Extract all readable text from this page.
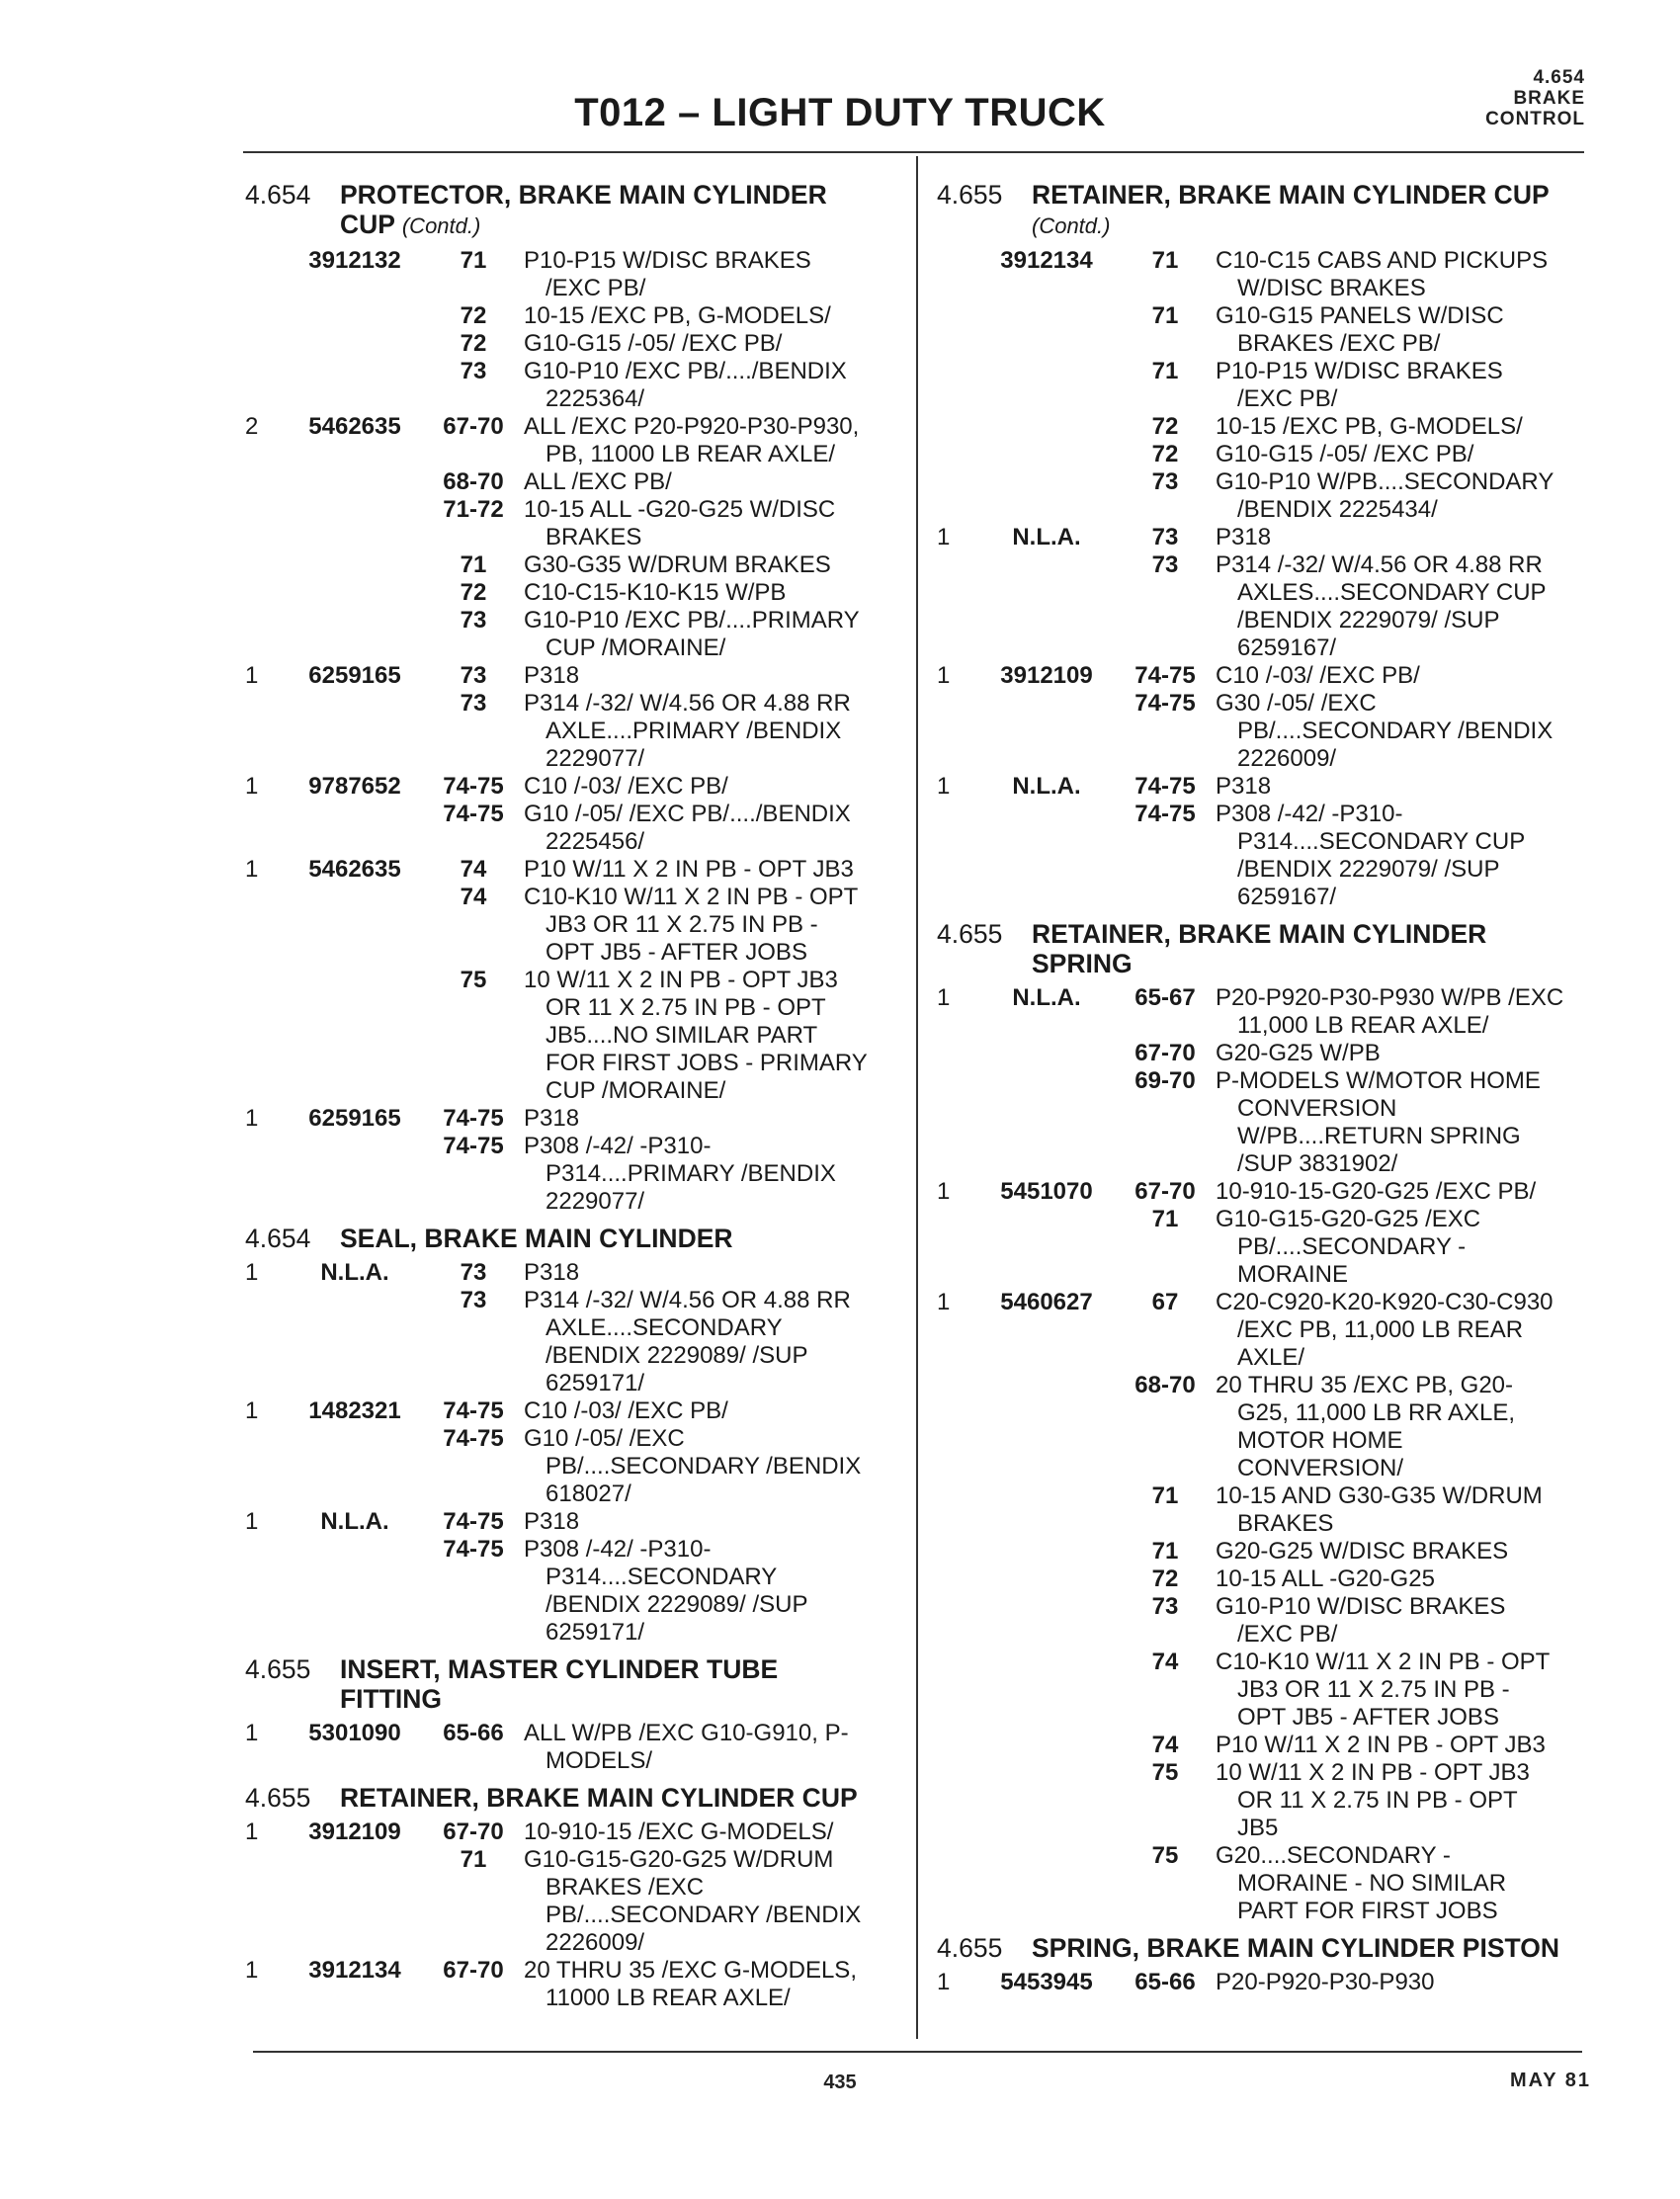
T012 – LIGHT DUTY TRUCK
4.654
BRAKE
CONTROL
4.654 PROTECTOR, BRAKE MAIN CYLINDER
CUP (Contd.)
3912132	71	P10-P15 W/DISC BRAKES
/EXC PB/
72	10-15 /EXC PB, G-MODELS/
72	G10-G15 /-05/ /EXC PB/
73	G10-P10 /EXC PB/..../BENDIX
2225364/
2	5462635	67-70 ALL /EXC P20-P920-P30-P930,
PB, 11000 LB REAR AXLE/
68-70 ALL /EXC PB/
71-72 10-15 ALL -G20-G25 W/DISC
BRAKES
71	G30-G35 W/DRUM BRAKES
72	C10-C15-K10-K15 W/PB
73	G10-P10 /EXC PB/....PRIMARY
CUP /MORAINE/
1	6259165	73	P318
73	P314 /-32/ W/4.56 OR 4.88 RR
AXLE....PRIMARY /BENDIX
2229077/
1	9787652	74-75 C10 /-03/ /EXC PB/
74-75 G10 /-05/ /EXC PB/..../BENDIX
2225456/
1	5462635	74	P10 W/11 X 2 IN PB - OPT JB3
74	C10-K10 W/11 X 2 IN PB - OPT
JB3 OR 11 X 2.75 IN PB -
OPT JB5 - AFTER JOBS
75	10 W/11 X 2 IN PB - OPT JB3
OR 11 X 2.75 IN PB - OPT
JB5....NO SIMILAR PART
FOR FIRST JOBS - PRIMARY
CUP /MORAINE/
1	6259165	74-75 P318
74-75 P308 /-42/ -P310-
P314....PRIMARY /BENDIX
2229077/
4.654 SEAL, BRAKE MAIN CYLINDER
1	N.L.A.	73	P318
73	P314 /-32/ W/4.56 OR 4.88 RR
AXLE....SECONDARY
/BENDIX 2229089/ /SUP
6259171/
1	1482321	74-75 C10 /-03/ /EXC PB/
74-75 G10 /-05/ /EXC
PB/....SECONDARY /BENDIX
618027/
1	N.L.A.	74-75 P318
74-75 P308 /-42/ -P310-
P314....SECONDARY
/BENDIX 2229089/ /SUP
6259171/
4.655 INSERT, MASTER CYLINDER TUBE
FITTING
1	5301090	65-66 ALL W/PB /EXC G10-G910, P-
MODELS/
4.655 RETAINER, BRAKE MAIN CYLINDER CUP
1	3912109	67-70 10-910-15 /EXC G-MODELS/
71	G10-G15-G20-G25 W/DRUM
BRAKES /EXC
PB/....SECONDARY /BENDIX
2226009/
1	3912134	67-70 20 THRU 35 /EXC G-MODELS,
11000 LB REAR AXLE/
4.655 RETAINER, BRAKE MAIN CYLINDER CUP
(Contd.)
3912134	71	C10-C15 CABS AND PICKUPS
W/DISC BRAKES
71	G10-G15 PANELS W/DISC
BRAKES /EXC PB/
71	P10-P15 W/DISC BRAKES
/EXC PB/
72	10-15 /EXC PB, G-MODELS/
72	G10-G15 /-05/ /EXC PB/
73	G10-P10 W/PB....SECONDARY
/BENDIX 2225434/
1	N.L.A.	73	P318
73	P314 /-32/ W/4.56 OR 4.88 RR
AXLES....SECONDARY CUP
/BENDIX 2229079/ /SUP
6259167/
1	3912109	74-75 C10 /-03/ /EXC PB/
74-75 G30 /-05/ /EXC
PB/....SECONDARY /BENDIX
2226009/
1	N.L.A.	74-75 P318
74-75 P308 /-42/ -P310-
P314....SECONDARY CUP
/BENDIX 2229079/ /SUP
6259167/
4.655 RETAINER, BRAKE MAIN CYLINDER
SPRING
1	N.L.A.	65-67 P20-P920-P30-P930 W/PB /EXC
11,000 LB REAR AXLE/
67-70 G20-G25 W/PB
69-70 P-MODELS W/MOTOR HOME
CONVERSION
W/PB....RETURN SPRING
/SUP 3831902/
1	5451070	67-70 10-910-15-G20-G25 /EXC PB/
71	G10-G15-G20-G25 /EXC
PB/....SECONDARY -
MORAINE
1	5460627	67	C20-C920-K20-K920-C30-C930
/EXC PB, 11,000 LB REAR
AXLE/
68-70 20 THRU 35 /EXC PB, G20-
G25, 11,000 LB RR AXLE,
MOTOR HOME
CONVERSION/
71	10-15 AND G30-G35 W/DRUM
BRAKES
71	G20-G25 W/DISC BRAKES
72	10-15 ALL -G20-G25
73	G10-P10 W/DISC BRAKES
/EXC PB/
74	C10-K10 W/11 X 2 IN PB - OPT
JB3 OR 11 X 2.75 IN PB -
OPT JB5 - AFTER JOBS
74	P10 W/11 X 2 IN PB - OPT JB3
75	10 W/11 X 2 IN PB - OPT JB3
OR 11 X 2.75 IN PB - OPT
JB5
75	G20....SECONDARY -
MORAINE - NO SIMILAR
PART FOR FIRST JOBS
4.655 SPRING, BRAKE MAIN CYLINDER PISTON
1	5453945	65-66 P20-P920-P30-P930
435	MAY 81
